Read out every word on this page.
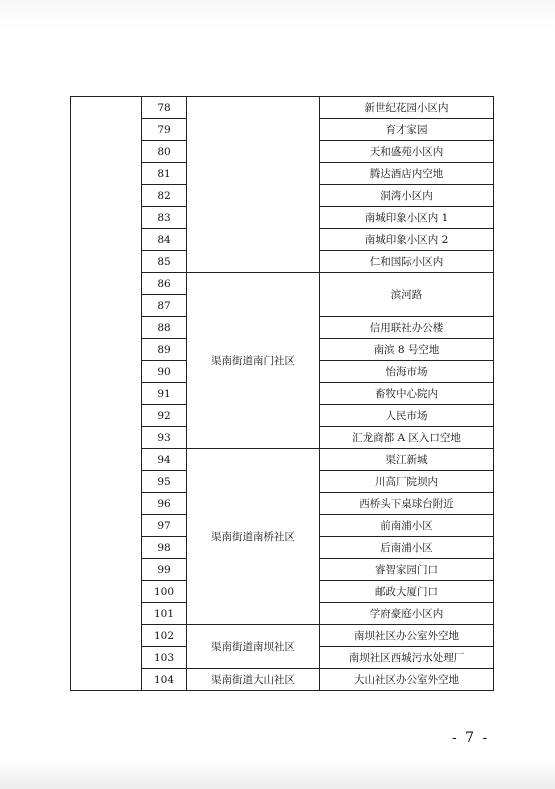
	78		新世纪花园小区内
	79		育才家园
	80		天和盛苑小区内
	81		腾达酒店内空地
	82		洞湾小区内
	83		南城印象小区内 1
	84		南城印象小区内 2
	85		仁和国际小区内
	86	渠南街道南门社区	滨河路
	87		
	88		信用联社办公楼
	89		南滨 8 号空地
	90		怡海市场
	91		畜牧中心院内
	92		人民市场
	93		汇龙商都 A 区入口空地
	94	渠南街道南桥社区	渠江新城
	95		川高厂院坝内
	96		西桥头下桌球台附近
	97		前南浦小区
	98		后南浦小区
	99		睿智家园门口
	100		邮政大厦门口
	101		学府豪庭小区内
	102	渠南街道南坝社区	南坝社区办公室外空地
	103		南坝社区西城污水处理厂
	104	渠南街道大山社区	大山社区办公室外空地
- 7 -
